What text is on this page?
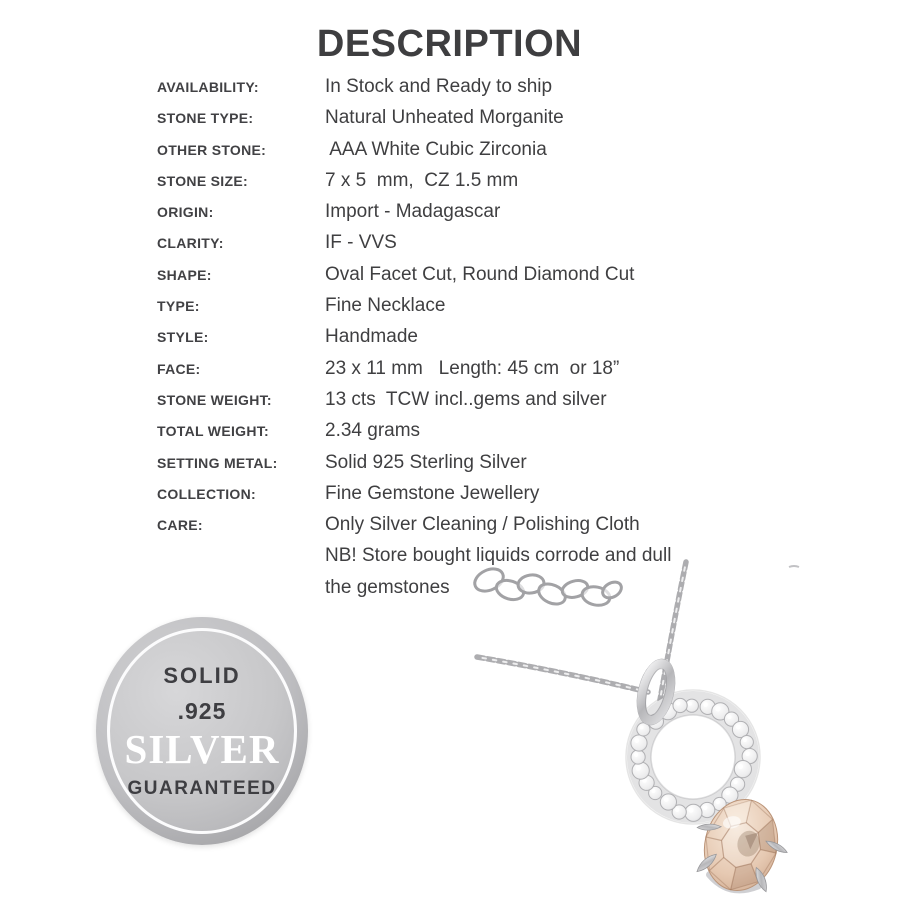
DESCRIPTION
AVAILABILITY:	In Stock and Ready to ship
STONE TYPE:	Natural Unheated Morganite
OTHER STONE:	AAA White Cubic Zirconia
STONE SIZE:	7 x 5  mm,  CZ 1.5 mm
ORIGIN:	Import - Madagascar
CLARITY:	IF - VVS
SHAPE:	Oval Facet Cut, Round Diamond Cut
TYPE:	Fine Necklace
STYLE:	Handmade
FACE:	23 x 11 mm   Length: 45 cm  or 18”
STONE WEIGHT:	13 cts  TCW incl..gems and silver
TOTAL WEIGHT:	2.34 grams
SETTING METAL:	Solid 925 Sterling Silver
COLLECTION:	Fine Gemstone Jewellery
CARE:	Only Silver Cleaning / Polishing Cloth
NB! Store bought liquids corrode and dull
the gemstones
SOLID
.925
SILVER
GUARANTEED
